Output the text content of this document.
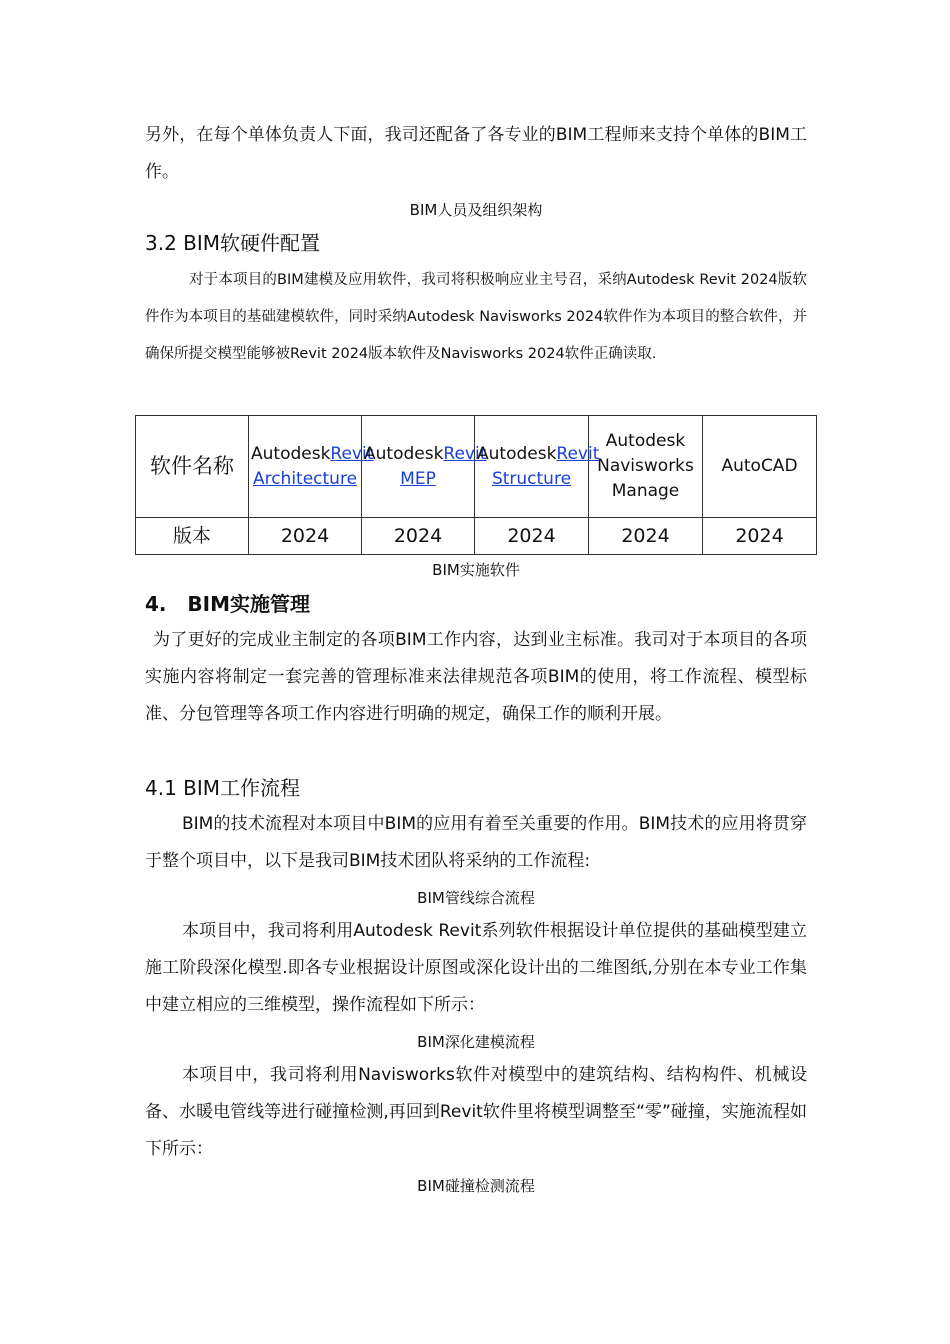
另外，在每个单体负责人下面，我司还配备了各专业的BIM工程师来支持个单体的BIM工作。

BIM人员及组织架构
3.2 BIM软硬件配置

对于本项目的BIM建模及应用软件，我司将积极响应业主号召，采纳Autodesk Revit 2024版软件作为本项目的基础建模软件，同时采纳Autodesk Navisworks 2024软件作为本项目的整合软件，并确保所提交模型能够被Revit 2024版本软件及Navisworks 2024软件正确读取.

软件名称	AutodeskRevit Architecture	AutodeskRevit MEP	AutodeskRevit Structure	Autodesk Navisworks Manage	AutoCAD
版本	2024	2024	2024	2024	2024
BIM实施软件
4.   BIM实施管理

为了更好的完成业主制定的各项BIM工作内容，达到业主标准。我司对于本项目的各项实施内容将制定一套完善的管理标准来法律规范各项BIM的使用，将工作流程、模型标准、分包管理等各项工作内容进行明确的规定，确保工作的顺利开展。

4.1 BIM工作流程

BIM的技术流程对本项目中BIM的应用有着至关重要的作用。BIM技术的应用将贯穿于整个项目中，以下是我司BIM技术团队将采纳的工作流程:

BIM管线综合流程

本项目中，我司将利用Autodesk Revit系列软件根据设计单位提供的基础模型建立施工阶段深化模型.即各专业根据设计原图或深化设计出的二维图纸,分别在本专业工作集中建立相应的三维模型，操作流程如下所示：

BIM深化建模流程

本项目中，我司将利用Navisworks软件对模型中的建筑结构、结构构件、机械设备、水暖电管线等进行碰撞检测,再回到Revit软件里将模型调整至“零”碰撞，实施流程如下所示：

BIM碰撞检测流程
